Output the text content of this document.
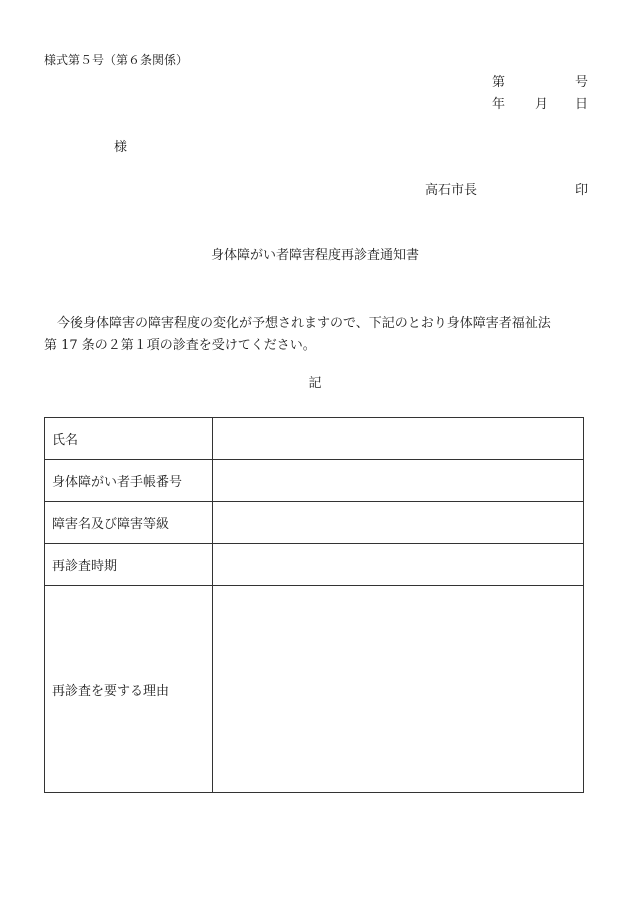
様式第５号（第６条関係）
第	号
年 月 日
様
高石市長	印
身体障がい者障害程度再診査通知書
今後身体障害の障害程度の変化が予想されますので、下記のとおり身体障害者福祉法
第 17 条の２第１項の診査を受けてください。
記
氏名	
身体障がい者手帳番号	
障害名及び障害等級	
再診査時期	
再診査を要する理由	
